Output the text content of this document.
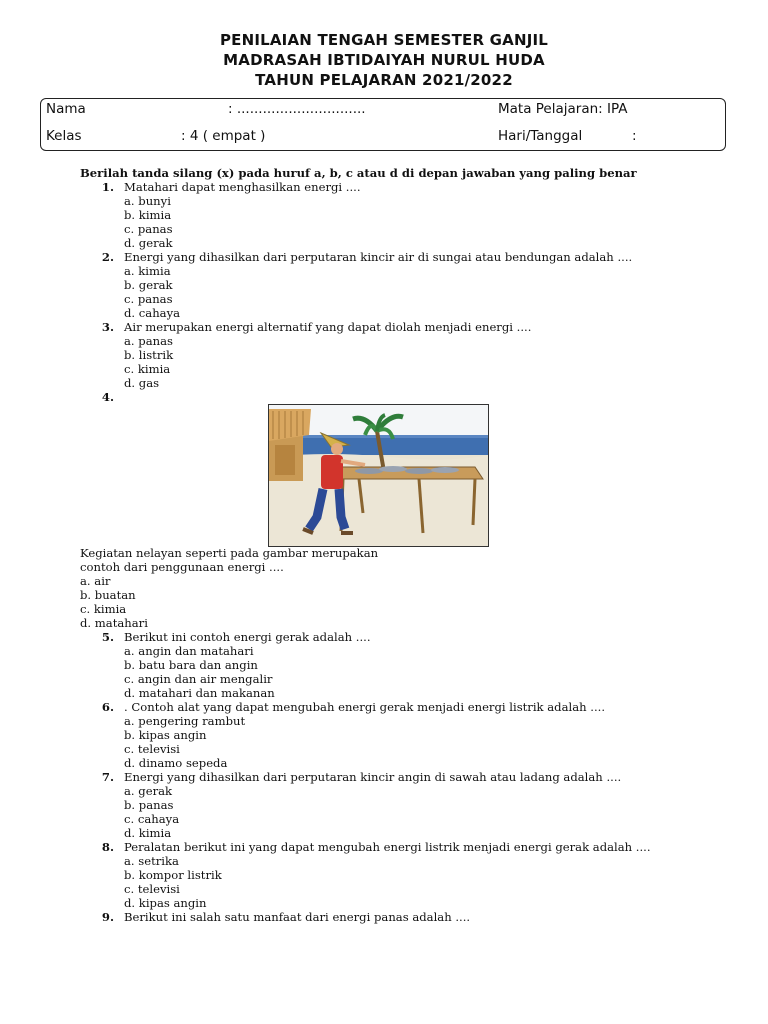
PENILAIAN TENGAH SEMESTER GANJIL
MADRASAH IBTIDAIYAH NURUL HUDA
TAHUN PELAJARAN 2021/2022
Nama	: ..............................	Mata Pelajaran: IPA
Kelas	: 4 ( empat )	Hari/Tanggal	:
Berilah tanda silang (x) pada huruf a, b, c atau d di depan jawaban yang paling benar
1. Matahari dapat menghasilkan energi ....
a. bunyi
b. kimia
c. panas
d. gerak
2. Energi yang dihasilkan dari perputaran kincir air di sungai atau bendungan adalah ....
a. kimia
b. gerak
c. panas
d. cahaya
3. Air merupakan energi alternatif yang dapat diolah menjadi energi ....
a. panas
b. listrik
c. kimia
d. gas
4.
Kegiatan nelayan seperti pada gambar merupakan
contoh dari penggunaan energi ....
a. air
b. buatan
c. kimia
d. matahari
5. Berikut ini contoh energi gerak adalah ....
a. angin dan matahari
b. batu bara dan angin
c. angin dan air mengalir
d. matahari dan makanan
6. . Contoh alat yang dapat mengubah energi gerak menjadi energi listrik adalah ....
a. pengering rambut
b. kipas angin
c. televisi
d. dinamo sepeda
7. Energi yang dihasilkan dari perputaran kincir angin di sawah atau ladang adalah ....
a. gerak
b. panas
c. cahaya
d. kimia
8. Peralatan berikut ini yang dapat mengubah energi listrik menjadi energi gerak adalah ....
a. setrika
b. kompor listrik
c. televisi
d. kipas angin
9. Berikut ini salah satu manfaat dari energi panas adalah ....
